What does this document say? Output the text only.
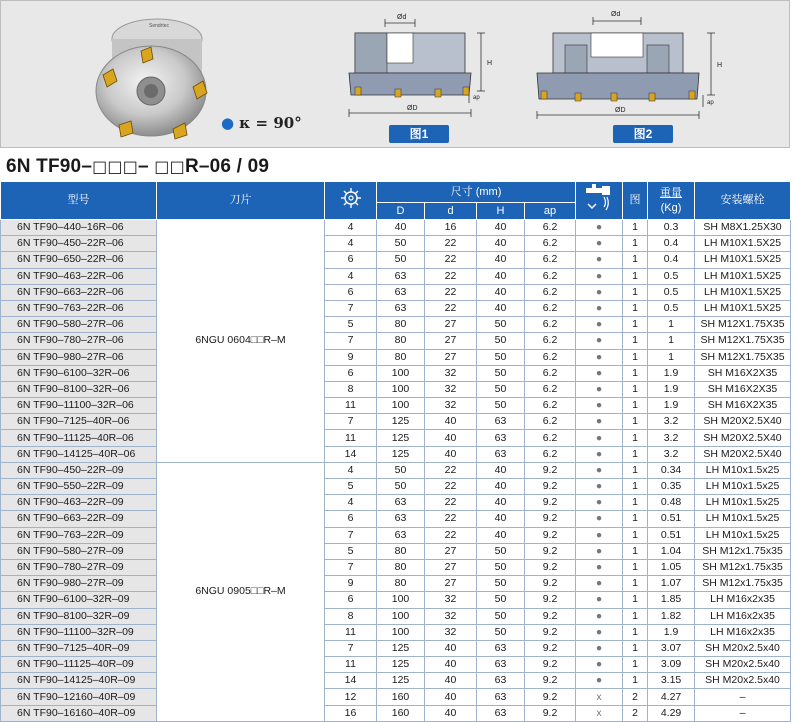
Sendrtec
● κ = 90°
Ød
H
ap
ØD
图1
Ød
H
ap
ØD
图2
6N TF90–□□□– □□R–06 / 09
型号	刀片		尺寸 (mm)					图	重量
(Kg)	安装螺栓
			D	d	H	ap				
6N TF90–440–16R–06	6NGU 0604□□R–M	4	40	16	40	6.2	●	1	0.3	SH M8X1.25X30
6N TF90–450–22R–06		4	50	22	40	6.2	●	1	0.4	LH M10X1.5X25
6N TF90–650–22R–06		6	50	22	40	6.2	●	1	0.4	LH M10X1.5X25
6N TF90–463–22R–06		4	63	22	40	6.2	●	1	0.5	LH M10X1.5X25
6N TF90–663–22R–06		6	63	22	40	6.2	●	1	0.5	LH M10X1.5X25
6N TF90–763–22R–06		7	63	22	40	6.2	●	1	0.5	LH M10X1.5X25
6N TF90–580–27R–06		5	80	27	50	6.2	●	1	1	SH M12X1.75X35
6N TF90–780–27R–06		7	80	27	50	6.2	●	1	1	SH M12X1.75X35
6N TF90–980–27R–06		9	80	27	50	6.2	●	1	1	SH M12X1.75X35
6N TF90–6100–32R–06		6	100	32	50	6.2	●	1	1.9	SH M16X2X35
6N TF90–8100–32R–06		8	100	32	50	6.2	●	1	1.9	SH M16X2X35
6N TF90–11100–32R–06		11	100	32	50	6.2	●	1	1.9	SH M16X2X35
6N TF90–7125–40R–06		7	125	40	63	6.2	●	1	3.2	SH M20X2.5X40
6N TF90–11125–40R–06		11	125	40	63	6.2	●	1	3.2	SH M20X2.5X40
6N TF90–14125–40R–06		14	125	40	63	6.2	●	1	3.2	SH M20X2.5X40
6N TF90–450–22R–09	6NGU 0905□□R–M	4	50	22	40	9.2	●	1	0.34	LH M10x1.5x25
6N TF90–550–22R–09		5	50	22	40	9.2	●	1	0.35	LH M10x1.5x25
6N TF90–463–22R–09		4	63	22	40	9.2	●	1	0.48	LH M10x1.5x25
6N TF90–663–22R–09		6	63	22	40	9.2	●	1	0.51	LH M10x1.5x25
6N TF90–763–22R–09		7	63	22	40	9.2	●	1	0.51	LH M10x1.5x25
6N TF90–580–27R–09		5	80	27	50	9.2	●	1	1.04	SH M12x1.75x35
6N TF90–780–27R–09		7	80	27	50	9.2	●	1	1.05	SH M12x1.75x35
6N TF90–980–27R–09		9	80	27	50	9.2	●	1	1.07	SH M12x1.75x35
6N TF90–6100–32R–09		6	100	32	50	9.2	●	1	1.85	LH M16x2x35
6N TF90–8100–32R–09		8	100	32	50	9.2	●	1	1.82	LH M16x2x35
6N TF90–11100–32R–09		11	100	32	50	9.2	●	1	1.9	LH M16x2x35
6N TF90–7125–40R–09		7	125	40	63	9.2	●	1	3.07	SH M20x2.5x40
6N TF90–11125–40R–09		11	125	40	63	9.2	●	1	3.09	SH M20x2.5x40
6N TF90–14125–40R–09		14	125	40	63	9.2	●	1	3.15	SH M20x2.5x40
6N TF90–12160–40R–09		12	160	40	63	9.2	x	2	4.27	–
6N TF90–16160–40R–09		16	160	40	63	9.2	x	2	4.29	–
